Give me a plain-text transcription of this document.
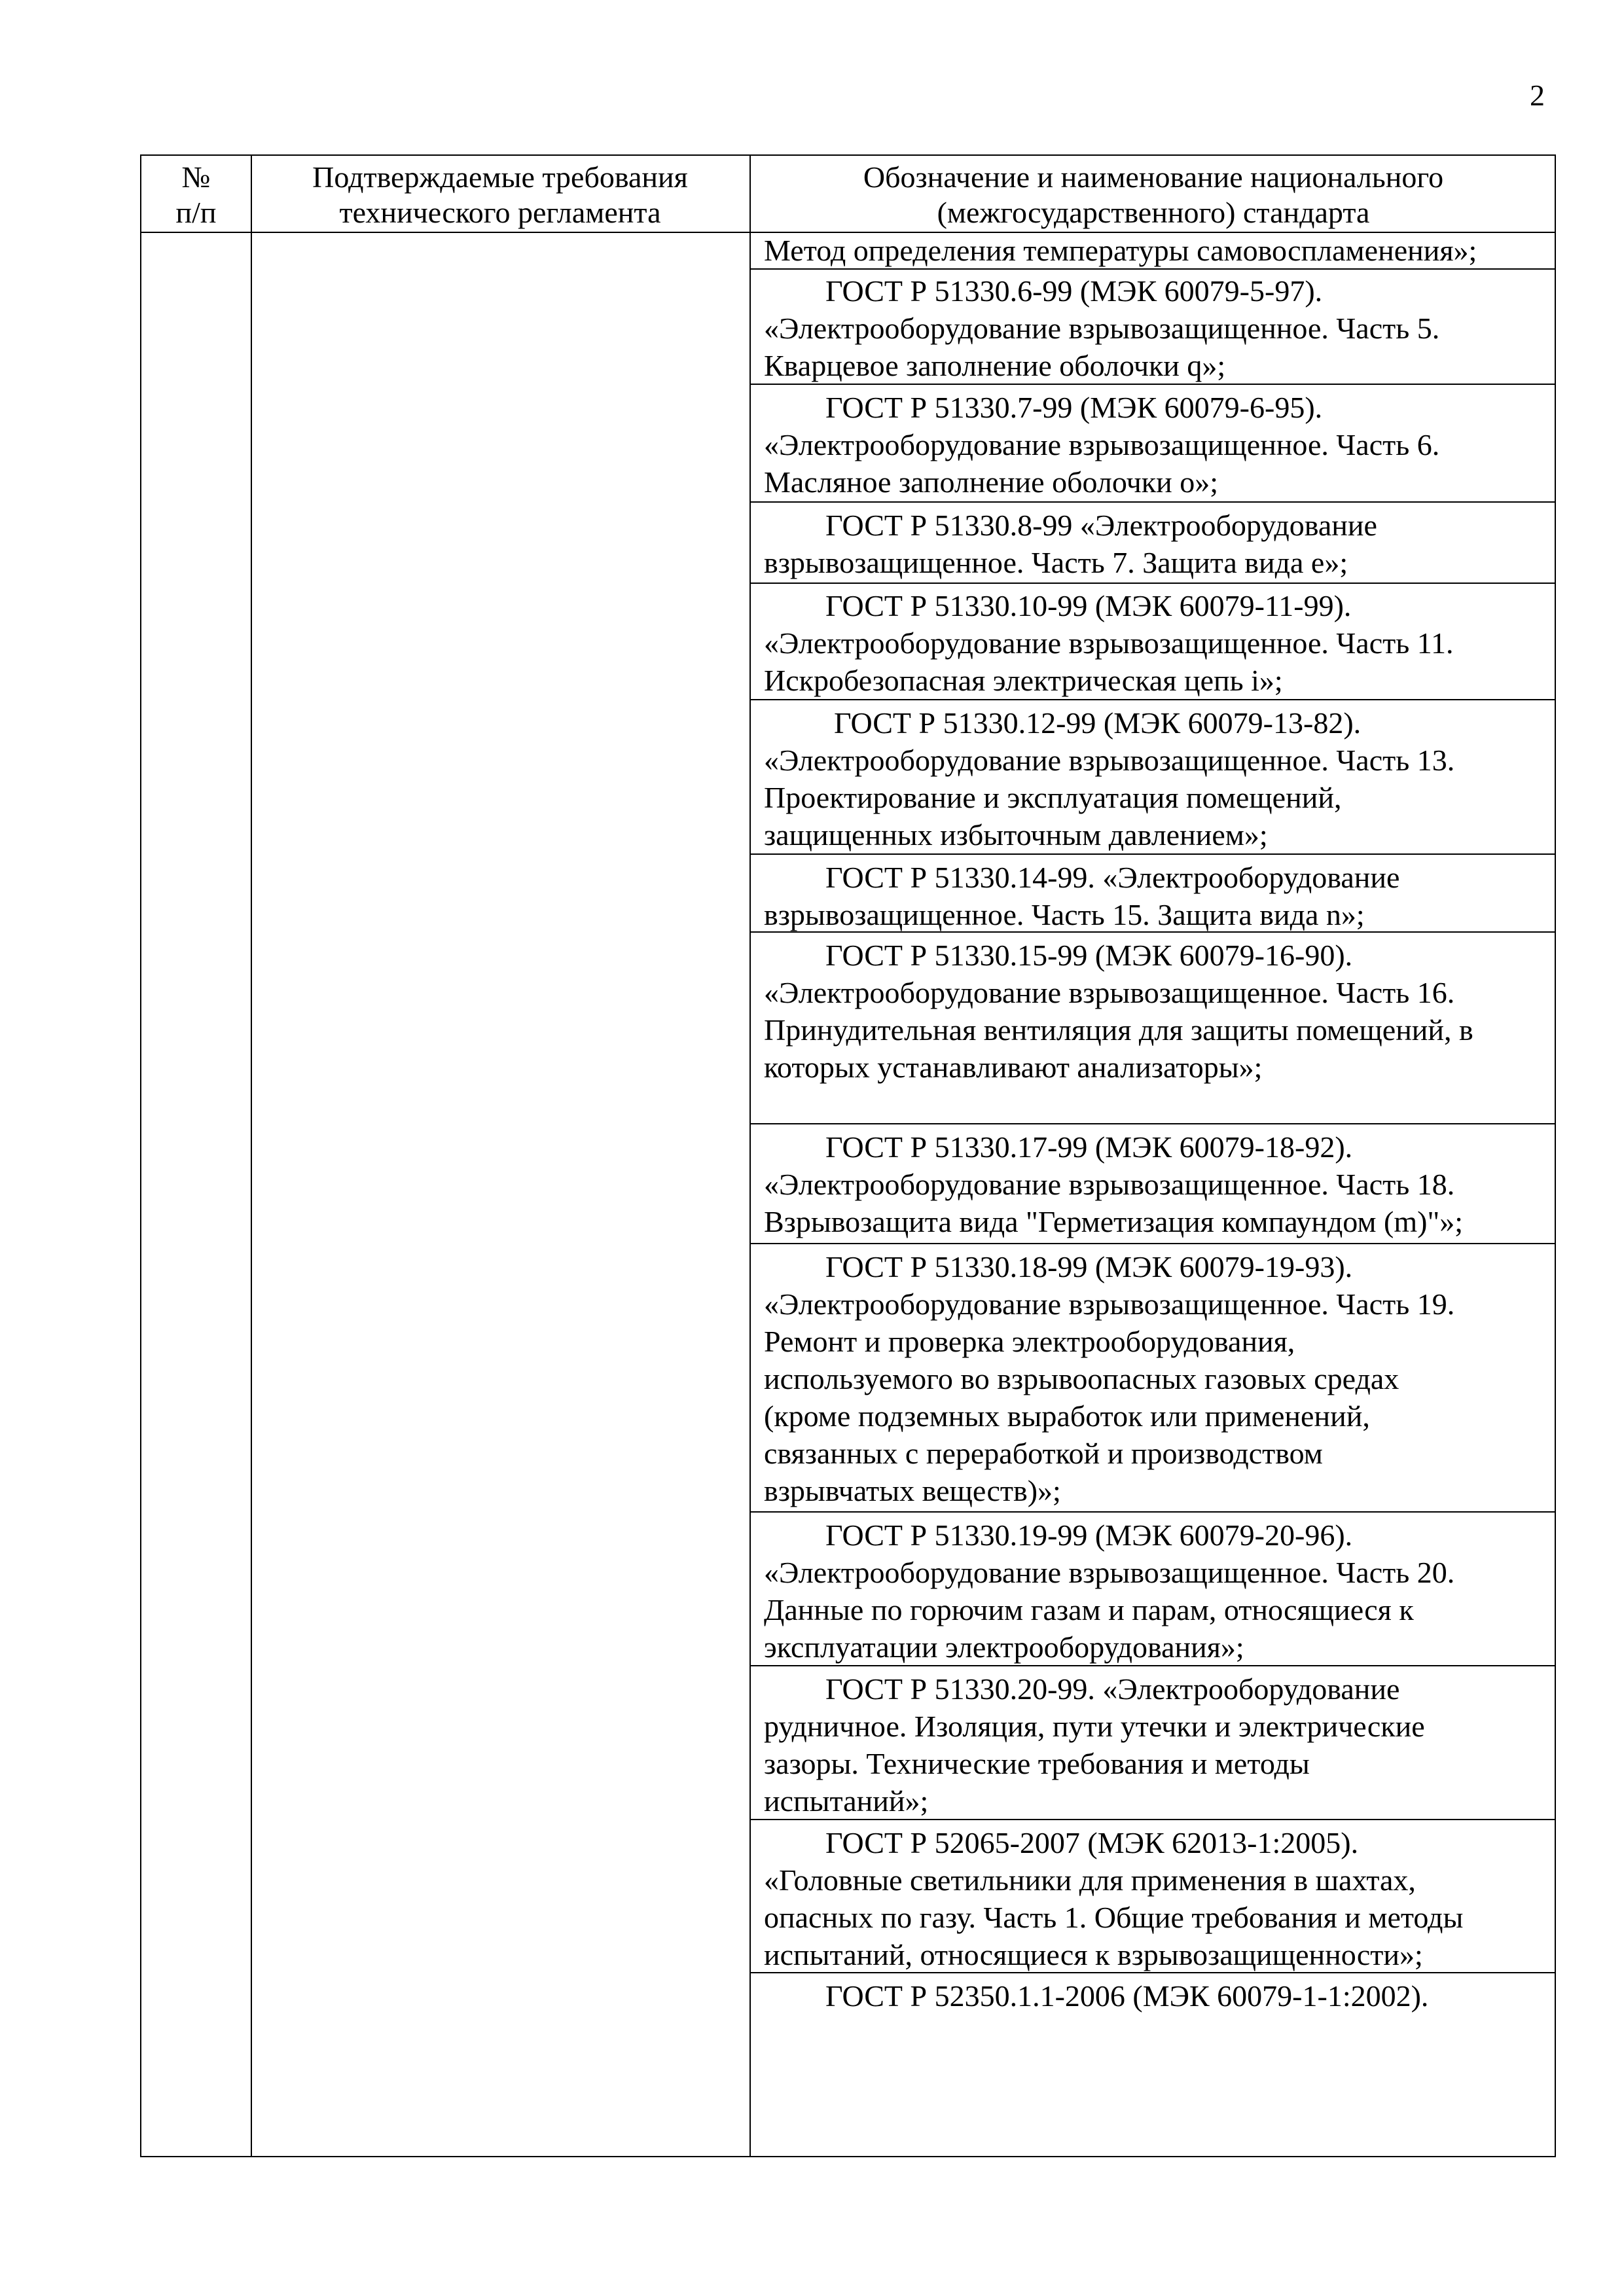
2
№
п/п
Подтверждаемые требования
технического регламента
Обозначение и наименование национального
(межгосударственного) стандарта
Метод определения температуры самовоспламенения»;
ГОСТ Р 51330.6-99 (МЭК 60079-5-97).
«Электрооборудование взрывозащищенное. Часть 5.
Кварцевое заполнение оболочки q»;
ГОСТ Р 51330.7-99 (МЭК 60079-6-95).
«Электрооборудование взрывозащищенное. Часть 6.
Масляное заполнение оболочки о»;
ГОСТ Р 51330.8-99 «Электрооборудование
взрывозащищенное. Часть 7. Защита вида е»;
ГОСТ Р 51330.10-99 (МЭК 60079-11-99).
«Электрооборудование взрывозащищенное. Часть 11.
Искробезопасная электрическая цепь i»;
ГОСТ Р 51330.12-99 (МЭК 60079-13-82).
«Электрооборудование взрывозащищенное. Часть 13.
Проектирование и эксплуатация помещений,
защищенных избыточным давлением»;
ГОСТ Р 51330.14-99. «Электрооборудование
взрывозащищенное. Часть 15. Защита вида n»;
ГОСТ Р 51330.15-99 (МЭК 60079-16-90).
«Электрооборудование взрывозащищенное. Часть 16.
Принудительная вентиляция для защиты помещений, в
которых устанавливают анализаторы»;
ГОСТ Р 51330.17-99 (МЭК 60079-18-92).
«Электрооборудование взрывозащищенное. Часть 18.
Взрывозащита вида "Герметизация компаундом (m)"»;
ГОСТ Р 51330.18-99 (МЭК 60079-19-93).
«Электрооборудование взрывозащищенное. Часть 19.
Ремонт и проверка электрооборудования,
используемого во взрывоопасных газовых средах
(кроме подземных выработок или применений,
связанных с переработкой и производством
взрывчатых веществ)»;
ГОСТ Р 51330.19-99 (МЭК 60079-20-96).
«Электрооборудование взрывозащищенное. Часть 20.
Данные по горючим газам и парам, относящиеся к
эксплуатации электрооборудования»;
ГОСТ Р 51330.20-99. «Электрооборудование
рудничное. Изоляция, пути утечки и электрические
зазоры. Технические требования и методы
испытаний»;
ГОСТ Р 52065-2007 (МЭК 62013-1:2005).
«Головные светильники для применения в шахтах,
опасных по газу. Часть 1. Общие требования и методы
испытаний, относящиеся к взрывозащищенности»;
ГОСТ Р 52350.1.1-2006 (МЭК 60079-1-1:2002).
